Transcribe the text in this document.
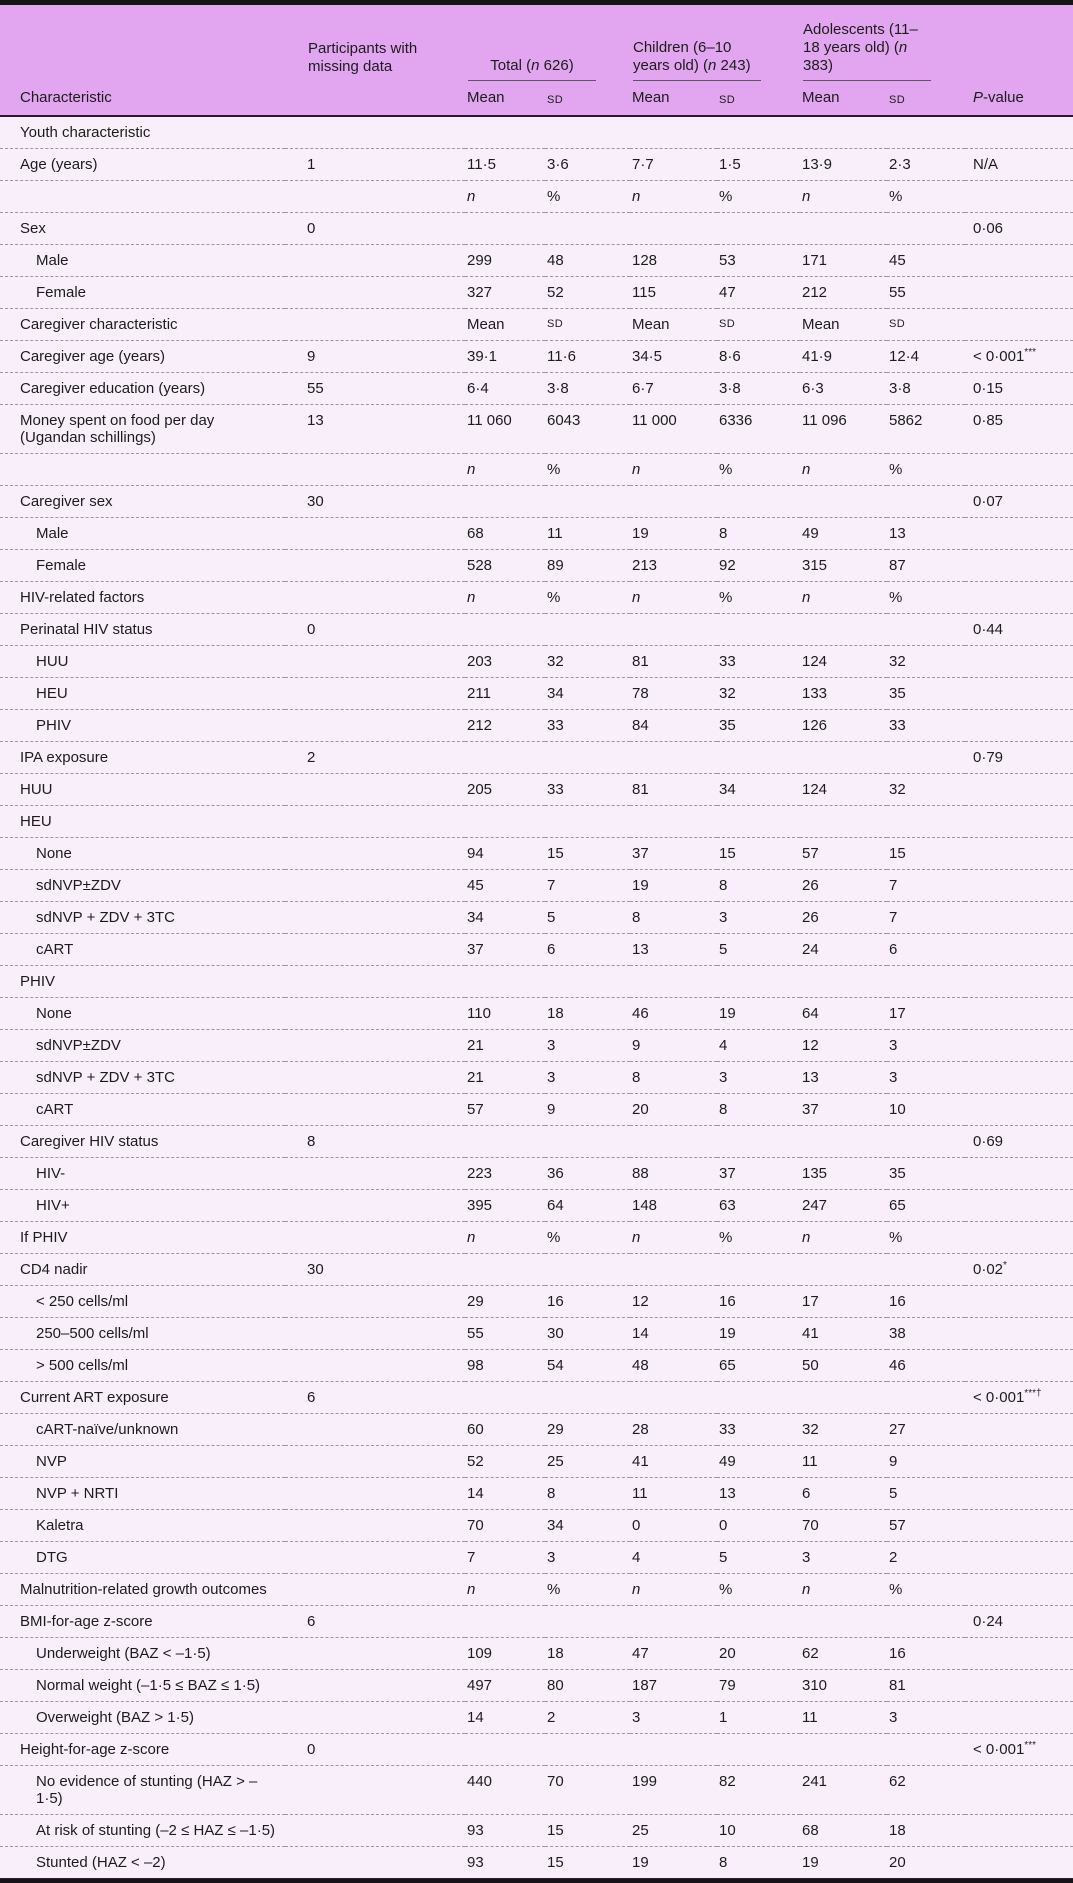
	Participants with missing data	Total (n 626)		Children (6–10 years old) (n 243)		Adolescents (11–18 years old) (n 383)		

Characteristic		Mean	SD	Mean	SD	Mean	SD	P-value
Youth characteristic								
Age (years)	1	11·5	3·6	7·7	1·5	13·9	2·3	N/A
		n	%	n	%	n	%	
Sex	0							0·06
Male		299	48	128	53	171	45	
Female		327	52	115	47	212	55	
Caregiver characteristic		Mean	SD	Mean	SD	Mean	SD	
Caregiver age (years)	9	39·1	11·6	34·5	8·6	41·9	12·4	< 0·001***
Caregiver education (years)	55	6·4	3·8	6·7	3·8	6·3	3·8	0·15
Money spent on food per day (Ugandan schillings)	13	11 060	6043	11 000	6336	11 096	5862	0·85
		n	%	n	%	n	%	
Caregiver sex	30							0·07
Male		68	11	19	8	49	13	
Female		528	89	213	92	315	87	
HIV-related factors		n	%	n	%	n	%	
Perinatal HIV status	0							0·44
HUU		203	32	81	33	124	32	
HEU		211	34	78	32	133	35	
PHIV		212	33	84	35	126	33	
IPA exposure	2							0·79
HUU		205	33	81	34	124	32	
HEU								
None		94	15	37	15	57	15	
sdNVP±ZDV		45	7	19	8	26	7	
sdNVP + ZDV + 3TC		34	5	8	3	26	7	
cART		37	6	13	5	24	6	
PHIV								
None		110	18	46	19	64	17	
sdNVP±ZDV		21	3	9	4	12	3	
sdNVP + ZDV + 3TC		21	3	8	3	13	3	
cART		57	9	20	8	37	10	
Caregiver HIV status	8							0·69
HIV-		223	36	88	37	135	35	
HIV+		395	64	148	63	247	65	
If PHIV		n	%	n	%	n	%	
CD4 nadir	30							0·02*
< 250 cells/ml		29	16	12	16	17	16	
250–500 cells/ml		55	30	14	19	41	38	
> 500 cells/ml		98	54	48	65	50	46	
Current ART exposure	6							< 0·001***†
cART-naïve/unknown		60	29	28	33	32	27	
NVP		52	25	41	49	11	9	
NVP + NRTI		14	8	11	13	6	5	
Kaletra		70	34	0	0	70	57	
DTG		7	3	4	5	3	2	
Malnutrition-related growth outcomes		n	%	n	%	n	%	
BMI-for-age z-score	6							0·24
Underweight (BAZ < –1·5)		109	18	47	20	62	16	
Normal weight (–1·5 ≤ BAZ ≤ 1·5)		497	80	187	79	310	81	
Overweight (BAZ > 1·5)		14	2	3	1	11	3	
Height-for-age z-score	0							< 0·001***
No evidence of stunting (HAZ > –1·5)		440	70	199	82	241	62	
At risk of stunting (–2 ≤ HAZ ≤ –1·5)		93	15	25	10	68	18	
Stunted (HAZ < –2)		93	15	19	8	19	20	
